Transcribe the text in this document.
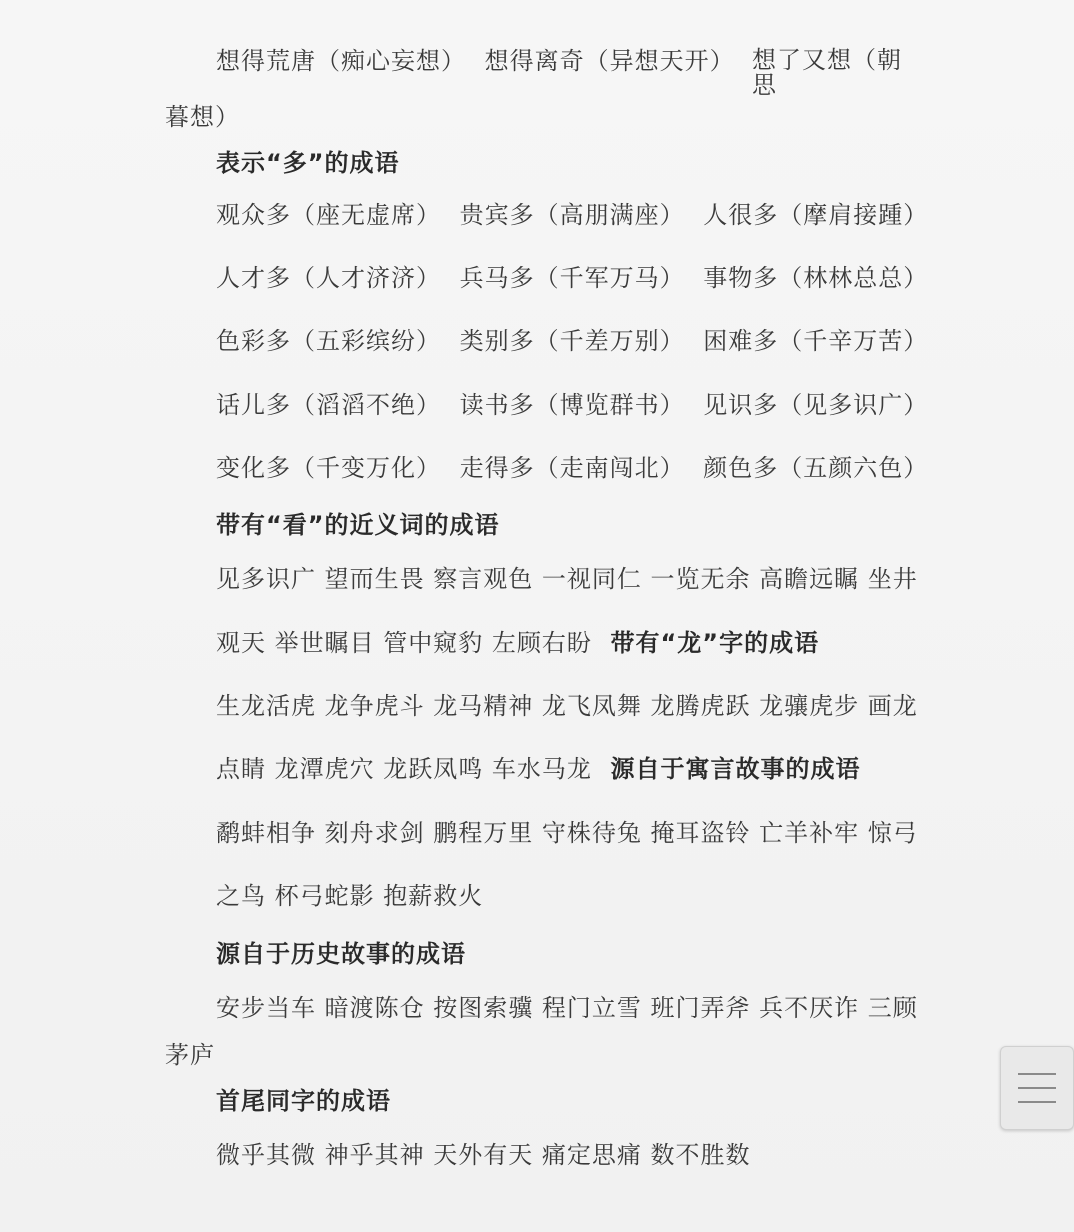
想得荒唐（痴心妄想） 想得离奇（异想天开） 想了又想（朝
思
暮想）
表示“多”的成语
观众多（座无虚席） 贵宾多（高朋满座） 人很多（摩肩接踵）
人才多（人才济济） 兵马多（千军万马） 事物多（林林总总）
色彩多（五彩缤纷） 类别多（千差万别） 困难多（千辛万苦）
话儿多（滔滔不绝） 读书多（博览群书） 见识多（见多识广）
变化多（千变万化） 走得多（走南闯北） 颜色多（五颜六色）
带有“看”的近义词的成语
见多识广 望而生畏 察言观色 一视同仁 一览无余 高瞻远瞩 坐井
观天 举世瞩目 管中窥豹 左顾右盼 带有“龙”字的成语
生龙活虎 龙争虎斗 龙马精神 龙飞凤舞 龙腾虎跃 龙骧虎步 画龙
点睛 龙潭虎穴 龙跃凤鸣 车水马龙 源自于寓言故事的成语
鹬蚌相争 刻舟求剑 鹏程万里 守株待兔 掩耳盗铃 亡羊补牢 惊弓
之鸟 杯弓蛇影 抱薪救火
源自于历史故事的成语
安步当车 暗渡陈仓 按图索骥 程门立雪 班门弄斧 兵不厌诈 三顾
茅庐
首尾同字的成语
微乎其微 神乎其神 天外有天 痛定思痛 数不胜数
